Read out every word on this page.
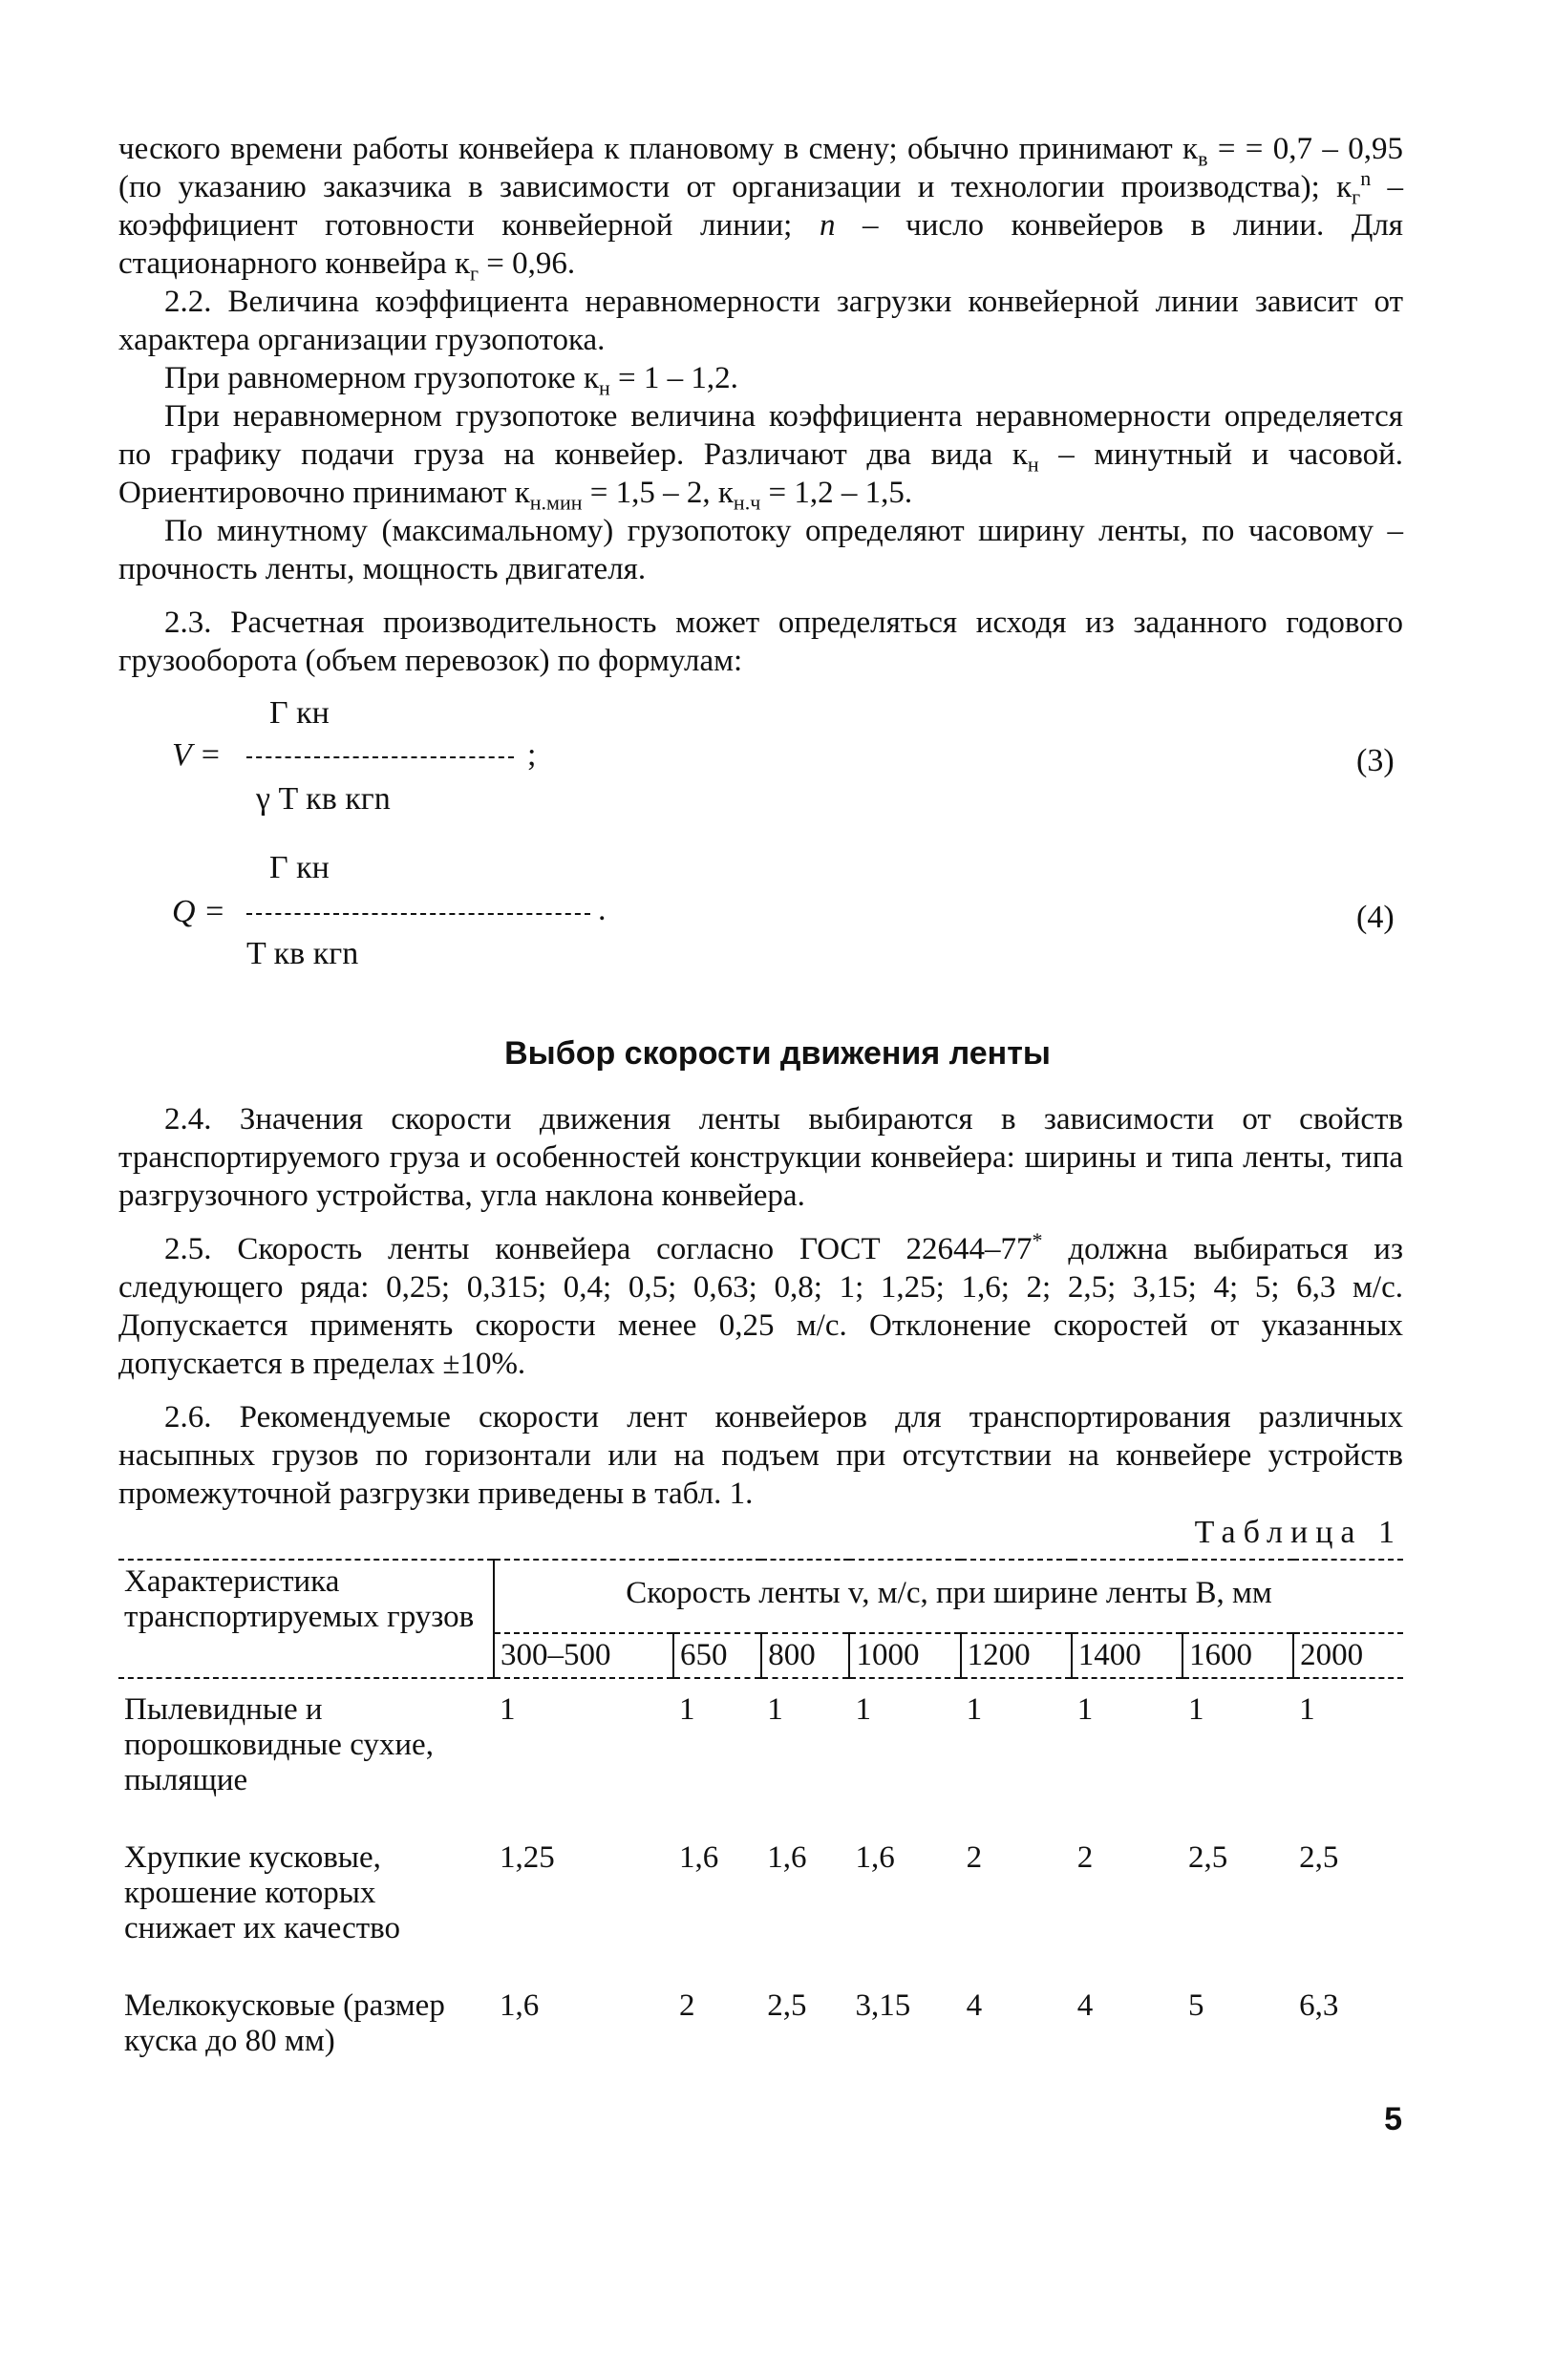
ческого времени работы конвейера к плановому в смену; обычно принимают $к_в$ = = 0,7 – 0,95 (по указанию заказчика в зависимости от организации и технологии производства); $к_г^n$ – коэффициент готовности конвейерной линии; n – число конвейеров в линии. Для стационарного конвейра $к_г = 0,96$.

2.2. Величина коэффициента неравномерности загрузки конвейерной линии зависит от характера организации грузопотока.

При равномерном грузопотоке $к_н = 1 - 1,2$.

При неравномерном грузопотоке величина коэффициента неравномерности определяется по графику подачи груза на конвейер. Различают два вида $к_н$ – минутный и часовой. Ориентировочно принимают $к_{н.мин} = 1,5 - 2$, $к_{н.ч} = 1,2 - 1,5$.

По минутному (максимальному) грузопотоку определяют ширину ленты, по часовому – прочность ленты, мощность двигателя.

2.3. Расчетная производительность может определяться исходя из заданного годового грузооборота (объем перевозок) по формулам:

Г кн
V =	;
γ T кв кгn
(3)
Г кн
Q =	.
T кв кгn
(4)
Выбор скорости движения ленты

2.4. Значения скорости движения ленты выбираются в зависимости от свойств транспортируемого груза и особенностей конструкции конвейера: ширины и типа ленты, типа разгрузочного устройства, угла наклона конвейера.

2.5. Скорость ленты конвейера согласно ГОСТ 22644–77* должна выбираться из следующего ряда: 0,25; 0,315; 0,4; 0,5; 0,63; 0,8; 1; 1,25; 1,6; 2; 2,5; 3,15; 4; 5; 6,3 м/с. Допускается применять скорости менее 0,25 м/с. Отклонение скоростей от указанных допускается в пределах ±10%.

2.6. Рекомендуемые скорости лент конвейеров для транспортирования различных насыпных грузов по горизонтали или на подъем при отсутствии на конвейере устройств промежуточной разгрузки приведены в табл. 1.

Таблица 1
Характеристика транспортируемых грузов	Скорость ленты v, м/с, при ширине ленты B, мм							
	300–500	650	800	1000	1200	1400	1600	2000
Пылевидные и порошковидные сухие, пылящие	1	1	1	1	1	1	1	1
Хрупкие кусковые, крошение которых снижает их качество	1,25	1,6	1,6	1,6	2	2	2,5	2,5
Мелкокусковые (размер куска до 80 мм)	1,6	2	2,5	3,15	4	4	5	6,3
5
